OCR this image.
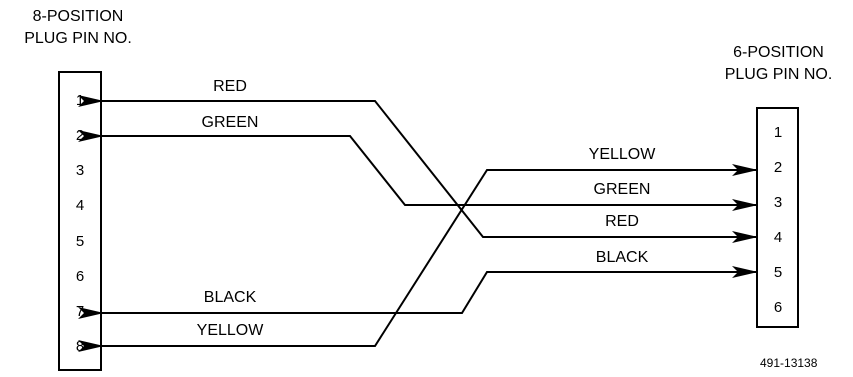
8-POSITION
PLUG PIN NO.
6-POSITION
PLUG PIN NO.
1
2
3
4
5
6
7
8
1
2
3
4
5
6
RED
GREEN
BLACK
YELLOW
YELLOW
GREEN
RED
BLACK
491-13138
